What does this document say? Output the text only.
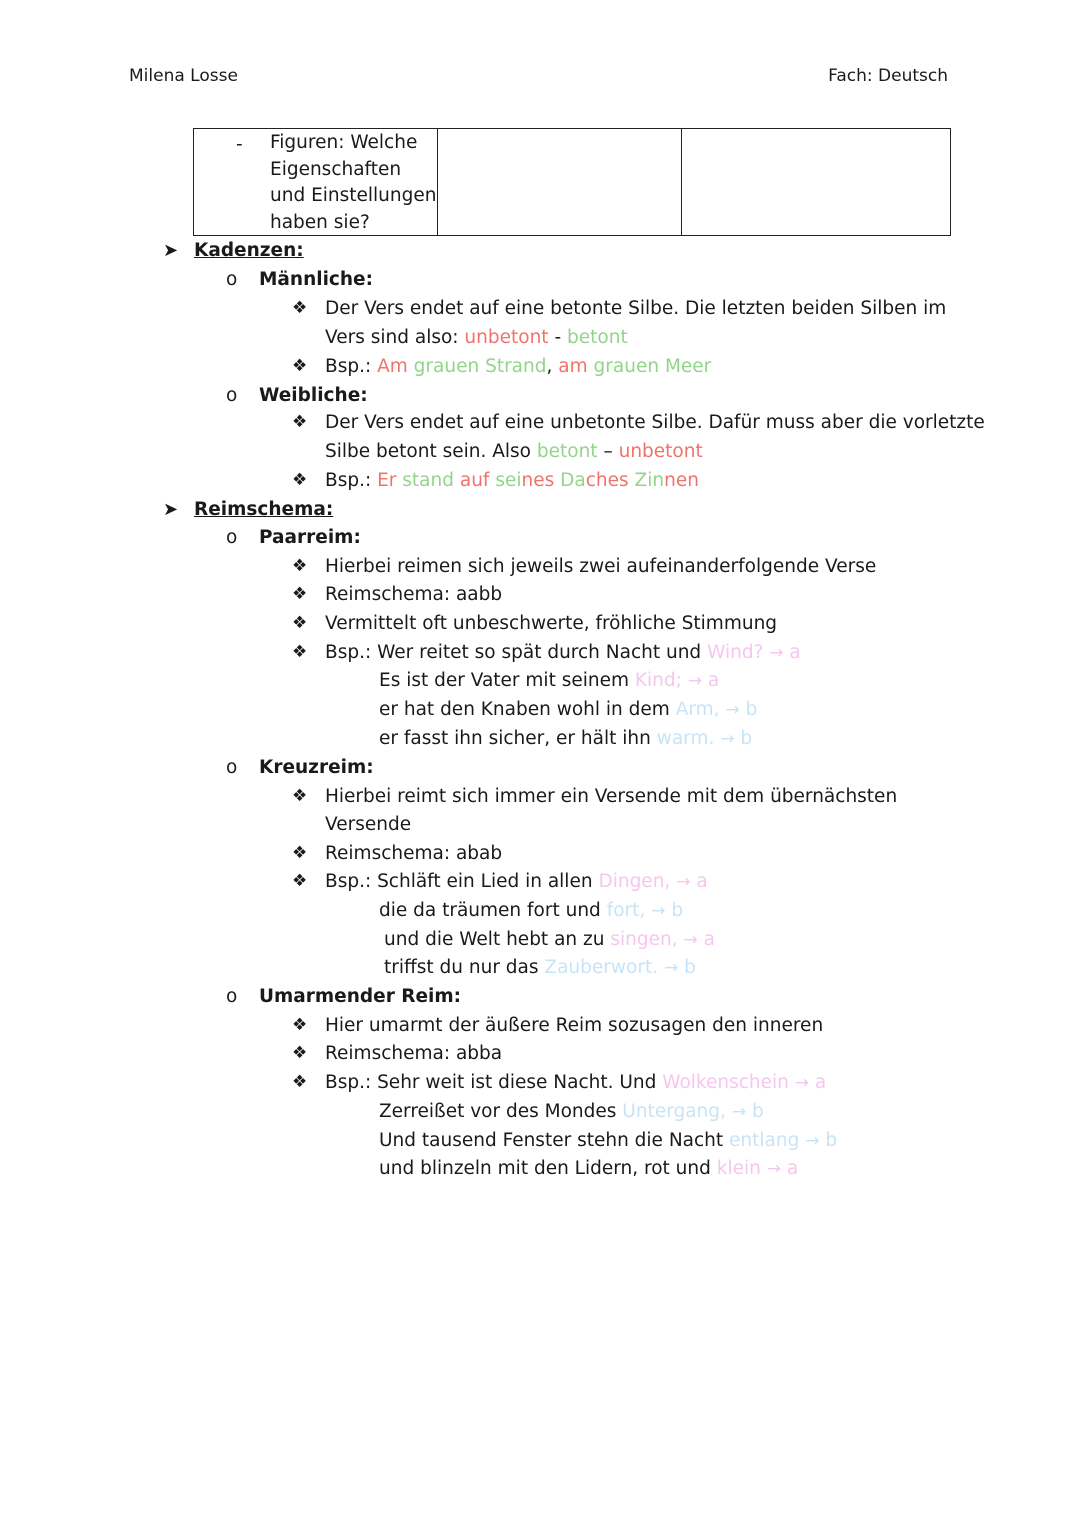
Milena Losse	Fach: Deutsch
- Figuren: Welche
Eigenschaften
und Einstellungen
haben sie?

➤ Kadenzen:
o Männliche:
❖ Der Vers endet auf eine betonte Silbe. Die letzten beiden Silben im
Vers sind also: unbetont - betont
❖ Bsp.: Am grauen Strand, am grauen Meer
o Weibliche:
❖ Der Vers endet auf eine unbetonte Silbe. Dafür muss aber die vorletzte
Silbe betont sein. Also betont – unbetont
❖ Bsp.: Er stand auf seines Daches Zinnen
➤ Reimschema:
o Paarreim:
❖ Hierbei reimen sich jeweils zwei aufeinanderfolgende Verse
❖ Reimschema: aabb
❖ Vermittelt oft unbeschwerte, fröhliche Stimmung
❖ Bsp.: Wer reitet so spät durch Nacht und Wind? → a
Es ist der Vater mit seinem Kind; → a
er hat den Knaben wohl in dem Arm, → b
er fasst ihn sicher, er hält ihn warm. → b
o Kreuzreim:
❖ Hierbei reimt sich immer ein Versende mit dem übernächsten
Versende
❖ Reimschema: abab
❖ Bsp.: Schläft ein Lied in allen Dingen, → a
die da träumen fort und fort, → b
und die Welt hebt an zu singen, → a
triffst du nur das Zauberwort. → b
o Umarmender Reim:
❖ Hier umarmt der äußere Reim sozusagen den inneren
❖ Reimschema: abba
❖ Bsp.: Sehr weit ist diese Nacht. Und Wolkenschein → a
Zerreißet vor des Mondes Untergang, → b
Und tausend Fenster stehn die Nacht entlang → b
und blinzeln mit den Lidern, rot und klein → a
